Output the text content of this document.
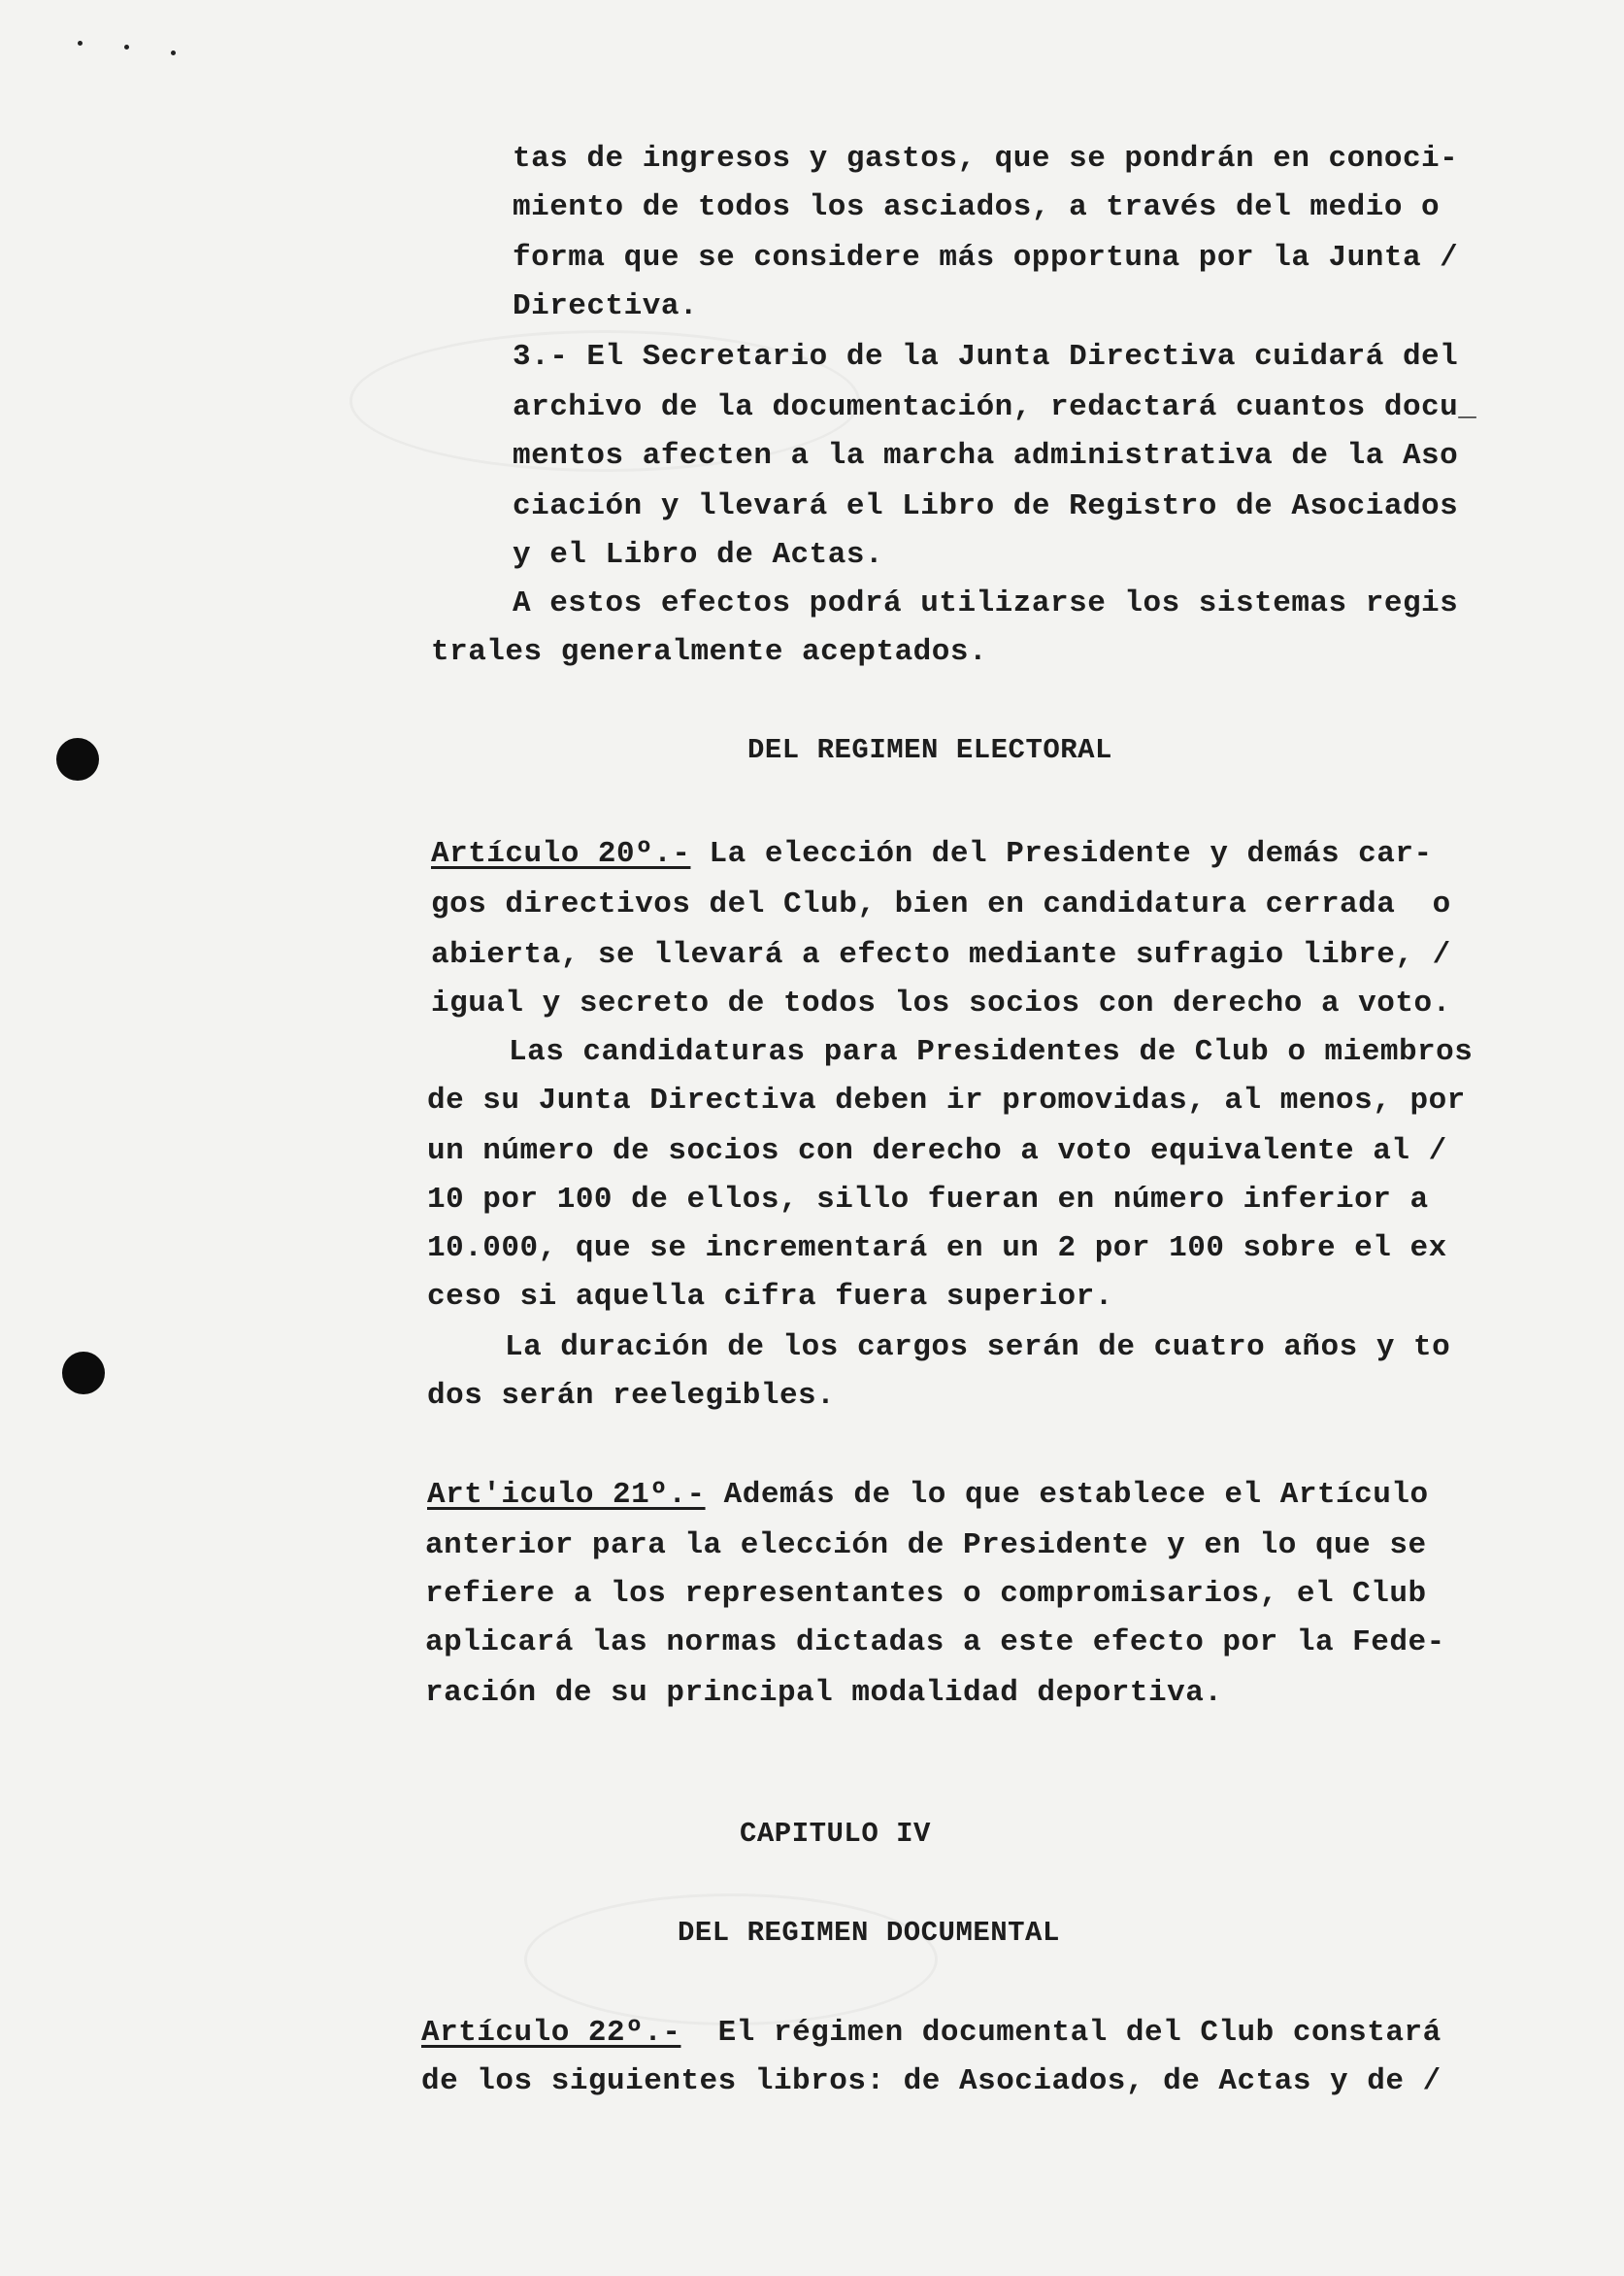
tas de ingresos y gastos, que se pondrán en conoci-
miento de todos los asciados, a través del medio o
forma que se considere más opportuna por la Junta /
Directiva.
3.- El Secretario de la Junta Directiva cuidará del
archivo de la documentación, redactará cuantos docu_
mentos afecten a la marcha administrativa de la Aso
ciación y llevará el Libro de Registro de Asociados
y el Libro de Actas.
A estos efectos podrá utilizarse los sistemas regis
trales generalmente aceptados.
DEL REGIMEN ELECTORAL
Artículo 20º.- La elección del Presidente y demás car-
gos directivos del Club, bien en candidatura cerrada  o
abierta, se llevará a efecto mediante sufragio libre, /
igual y secreto de todos los socios con derecho a voto.
Las candidaturas para Presidentes de Club o miembros
de su Junta Directiva deben ir promovidas, al menos, por
un número de socios con derecho a voto equivalente al /
10 por 100 de ellos, sillo fueran en número inferior a
10.000, que se incrementará en un 2 por 100 sobre el ex
ceso si aquella cifra fuera superior.
La duración de los cargos serán de cuatro años y to
dos serán reelegibles.
Art'iculo 21º.- Además de lo que establece el Artículo
anterior para la elección de Presidente y en lo que se
refiere a los representantes o compromisarios, el Club
aplicará las normas dictadas a este efecto por la Fede-
ración de su principal modalidad deportiva.
CAPITULO IV
DEL REGIMEN DOCUMENTAL
Artículo 22º.-  El régimen documental del Club constará
de los siguientes libros: de Asociados, de Actas y de /
